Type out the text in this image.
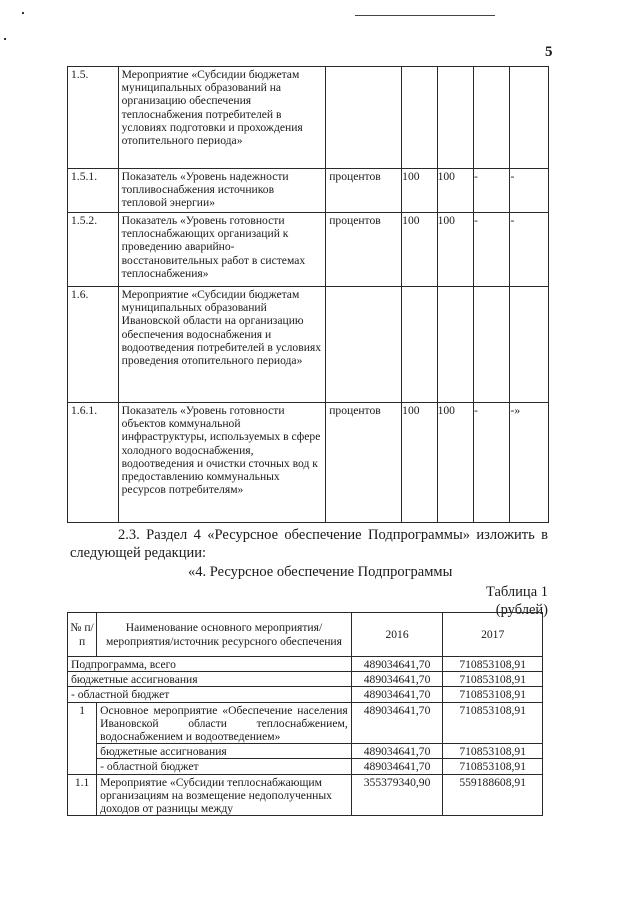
5
1.5.	Мероприятие «Субсидии бюджетам муниципальных образований на организацию обеспечения теплоснабжения потребителей в условиях подготовки и прохождения отопительного периода»					
1.5.1.	Показатель «Уровень надежности топливоснабжения источников тепловой энергии»	процентов	100	100	-	-
1.5.2.	Показатель «Уровень готовности теплоснабжающих организаций к проведению аварийно-восстановительных работ в системах теплоснабжения»	процентов	100	100	-	-
1.6.	Мероприятие «Субсидии бюджетам муниципальных образований Ивановской области на организацию обеспечения водоснабжения и водоотведения потребителей в условиях проведения отопительного периода»					
1.6.1.	Показатель «Уровень готовности объектов коммунальной инфраструктуры, используемых в сфере холодного водоснабжения, водоотведения и очистки сточных вод к предоставлению коммунальных ресурсов потребителям»	процентов	100	100	-	-»
2.3. Раздел 4 «Ресурсное обеспечение Подпрограммы» изложить в следующей редакции:
«4. Ресурсное обеспечение Подпрограммы
Таблица 1
(рублей)
№ п/п	Наименование основного мероприятия/ мероприятия/источник ресурсного обеспечения	2016	2017
Подпрограмма, всего		489034641,70	710853108,91
бюджетные ассигнования		489034641,70	710853108,91
- областной бюджет		489034641,70	710853108,91
1	Основное мероприятие «Обеспечение населения Ивановской области теплоснабжением, водоснабжением и водоотведением»	489034641,70	710853108,91
	бюджетные ассигнования	489034641,70	710853108,91
	- областной бюджет	489034641,70	710853108,91
1.1	Мероприятие «Субсидии теплоснабжающим организациям на возмещение недополученных доходов от разницы между	355379340,90	559188608,91
